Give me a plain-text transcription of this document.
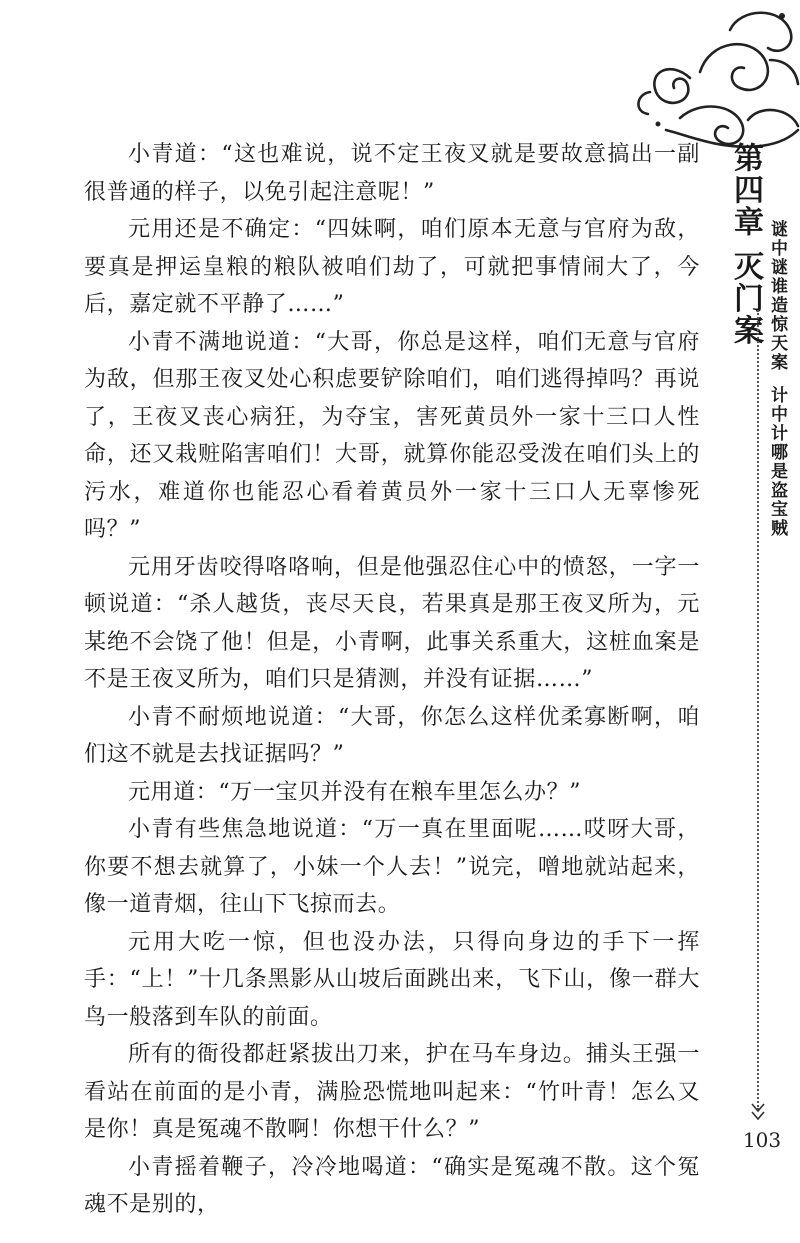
小青道：“这也难说，说不定王夜叉就是要故意搞出一副很普通的样子，以免引起注意呢！”

元用还是不确定：“四妹啊，咱们原本无意与官府为敌，要真是押运皇粮的粮队被咱们劫了，可就把事情闹大了，今后，嘉定就不平静了……”

小青不满地说道：“大哥，你总是这样，咱们无意与官府为敌，但那王夜叉处心积虑要铲除咱们，咱们逃得掉吗？再说了，王夜叉丧心病狂，为夺宝，害死黄员外一家十三口人性命，还又栽赃陷害咱们！大哥，就算你能忍受泼在咱们头上的污水，难道你也能忍心看着黄员外一家十三口人无辜惨死吗？”

元用牙齿咬得咯咯响，但是他强忍住心中的愤怒，一字一顿说道：“杀人越货，丧尽天良，若果真是那王夜叉所为，元某绝不会饶了他！但是，小青啊，此事关系重大，这桩血案是不是王夜叉所为，咱们只是猜测，并没有证据……”

小青不耐烦地说道：“大哥，你怎么这样优柔寡断啊，咱们这不就是去找证据吗？”

元用道：“万一宝贝并没有在粮车里怎么办？”

小青有些焦急地说道：“万一真在里面呢……哎呀大哥，你要不想去就算了，小妹一个人去！”说完，噌地就站起来，像一道青烟，往山下飞掠而去。

元用大吃一惊，但也没办法，只得向身边的手下一挥手：“上！”十几条黑影从山坡后面跳出来，飞下山，像一群大鸟一般落到车队的前面。

所有的衙役都赶紧拔出刀来，护在马车身边。捕头王强一看站在前面的是小青，满脸恐慌地叫起来：“竹叶青！怎么又是你！真是冤魂不散啊！你想干什么？”

小青摇着鞭子，冷冷地喝道：“确实是冤魂不散。这个冤魂不是别的，

第四章 灭门案 谜中谜谁造惊天案计中计哪是盗宝贼
103
